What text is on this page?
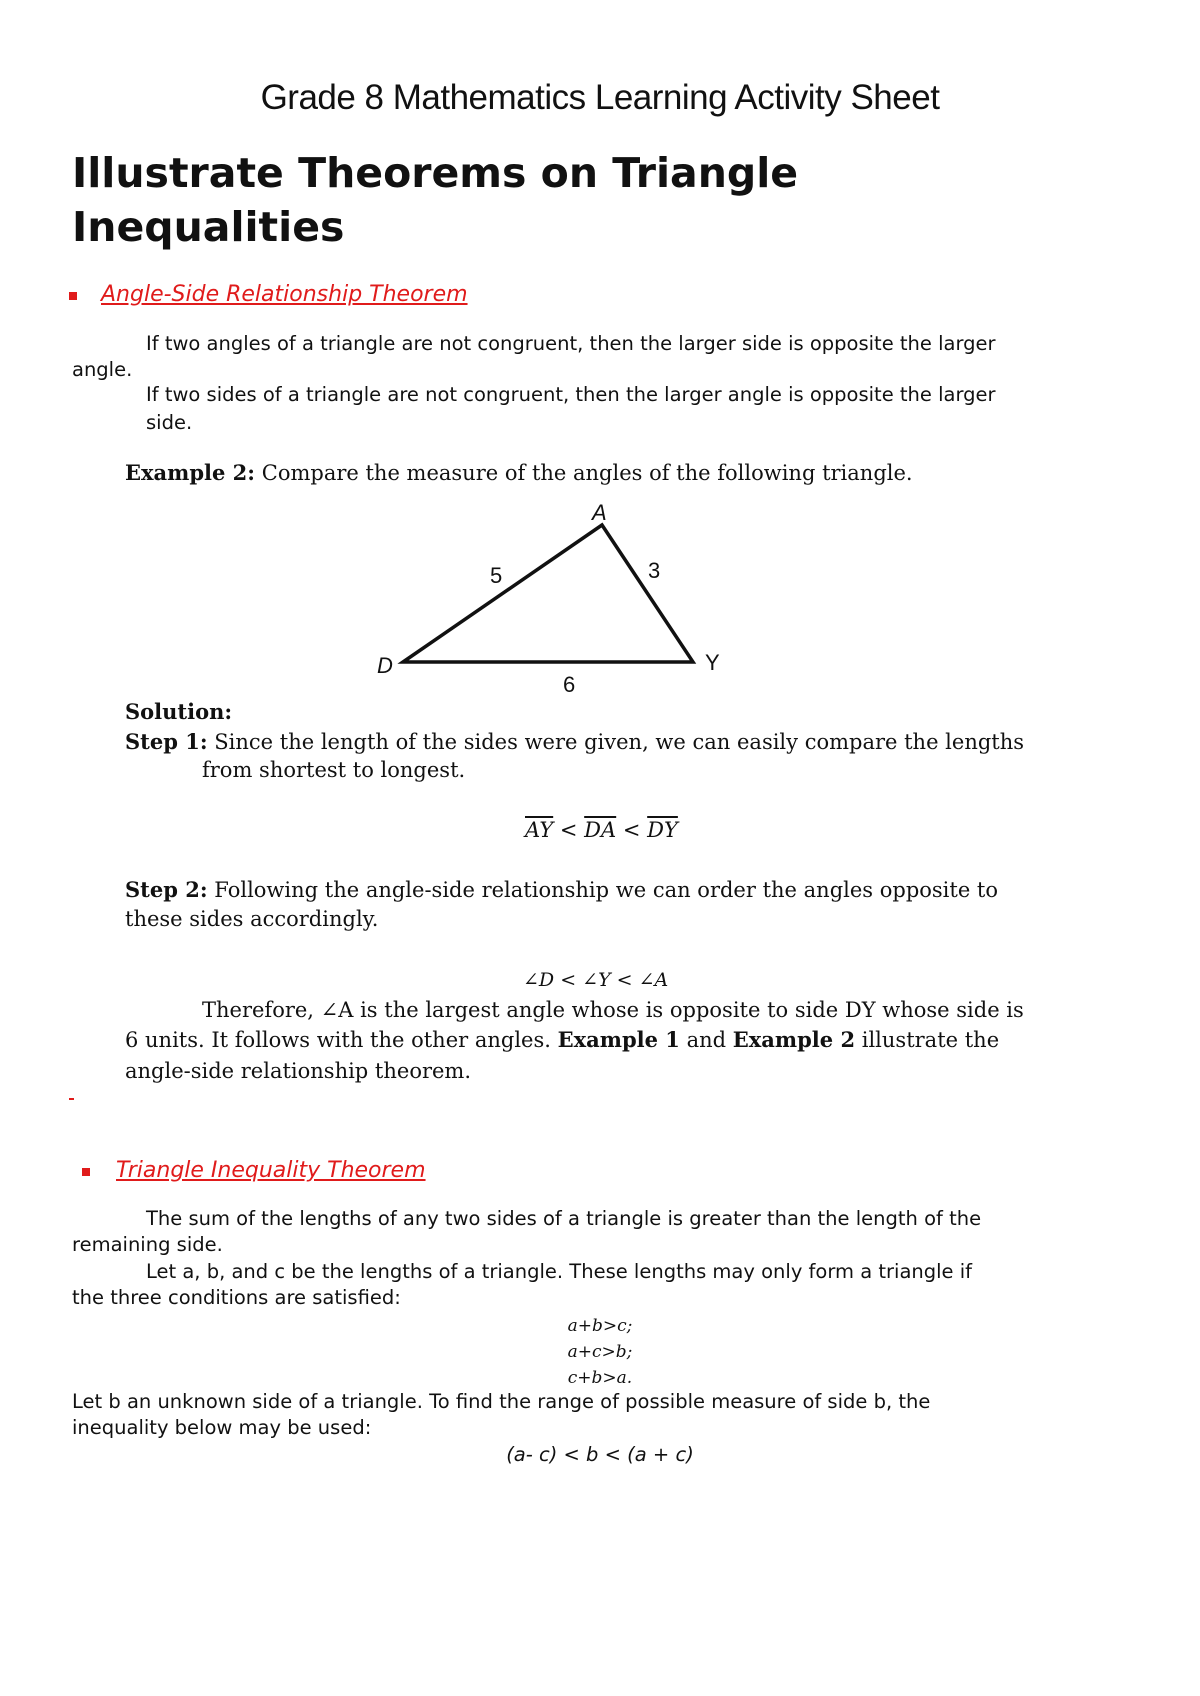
Grade 8 Mathematics Learning Activity Sheet
Illustrate Theorems on Triangle
Inequalities
Angle-Side Relationship Theorem
If two angles of a triangle are not congruent, then the larger side is opposite the larger
angle.
If two sides of a triangle are not congruent, then the larger angle is opposite the larger
side.
Example 2: Compare the measure of the angles of the following triangle.
A
D	Y
5	3
6
Solution:
Step 1: Since the length of the sides were given, we can easily compare the lengths
from shortest to longest.
$\overline{AY} < \overline{DA} < \overline{DY}$
Step 2: Following the angle-side relationship we can order the angles opposite to
these sides accordingly.
∠D < ∠Y < ∠A
Therefore, ∠A is the largest angle whose is opposite to side DY whose side is
6 units. It follows with the other angles. Example 1 and Example 2 illustrate the
angle-side relationship theorem.
Triangle Inequality Theorem
The sum of the lengths of any two sides of a triangle is greater than the length of the
remaining side.
Let a, b, and c be the lengths of a triangle. These lengths may only form a triangle if
the three conditions are satisfied:
a+b>c;
a+c>b;
c+b>a.
Let b an unknown side of a triangle. To find the range of possible measure of side b, the
inequality below may be used:
(a- c) < b < (a + c)
